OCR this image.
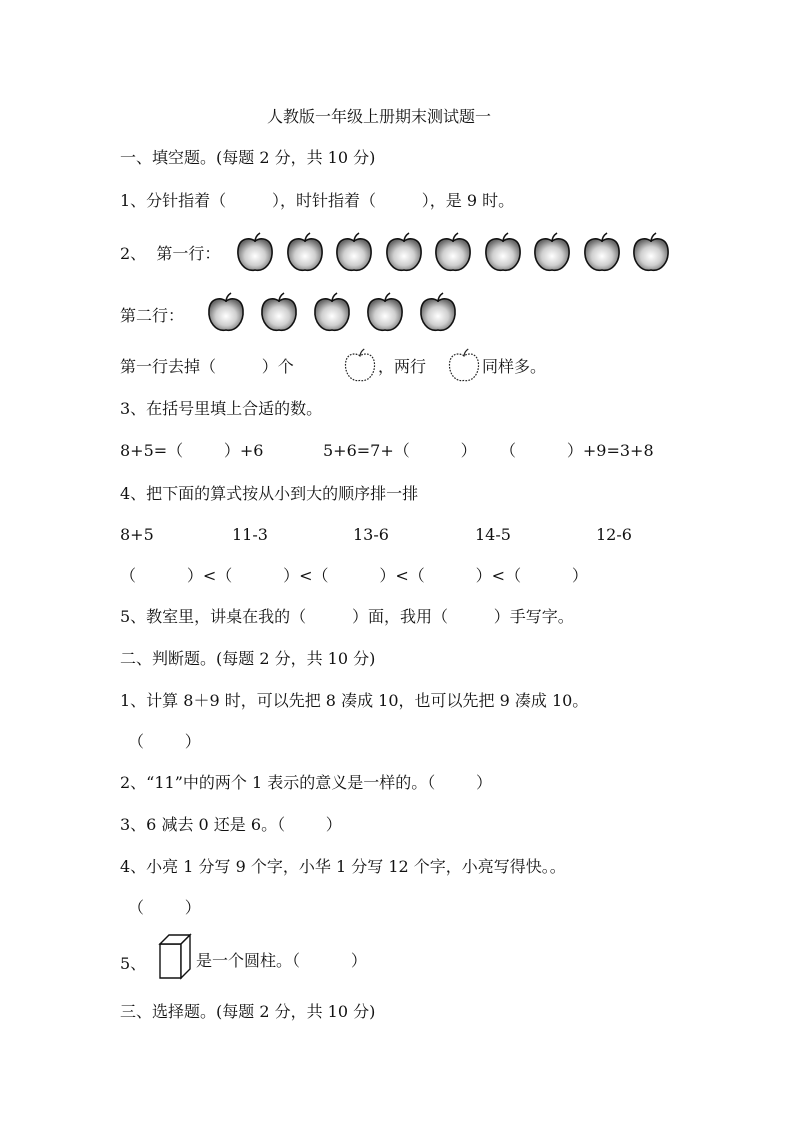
人教版一年级上册期末测试题一
一、填空题。(每题 2 分，共 10 分)
1、分针指着（         ），时针指着（         ），是 9 时。
2、  第一行：
第二行：
第一行去掉（         ）个	，两行	同样多。
3、在括号里填上合适的数。
8+5=（        ）+6	5+6=7+（          ） （          ）+9=3+8
4、把下面的算式按从小到大的顺序排一排
8+5	11-3	13-6	14-5	12-6
（          ）<（          ）<（          ）<（          ）<（          ）
5、教室里，讲桌在我的（         ）面，我用（         ）手写字。
二、判断题。(每题 2 分，共 10 分)
1、计算 8＋9 时，可以先把 8 凑成 10，也可以先把 9 凑成 10。
（        ）
2、“11”中的两个 1 表示的意义是一样的。（        ）
3、6 减去 0 还是 6。（        ）
4、小亮 1 分写 9 个字，小华 1 分写 12 个字，小亮写得快。。
（        ）
5、	是一个圆柱。（          ）
三、选择题。(每题 2 分，共 10 分)
